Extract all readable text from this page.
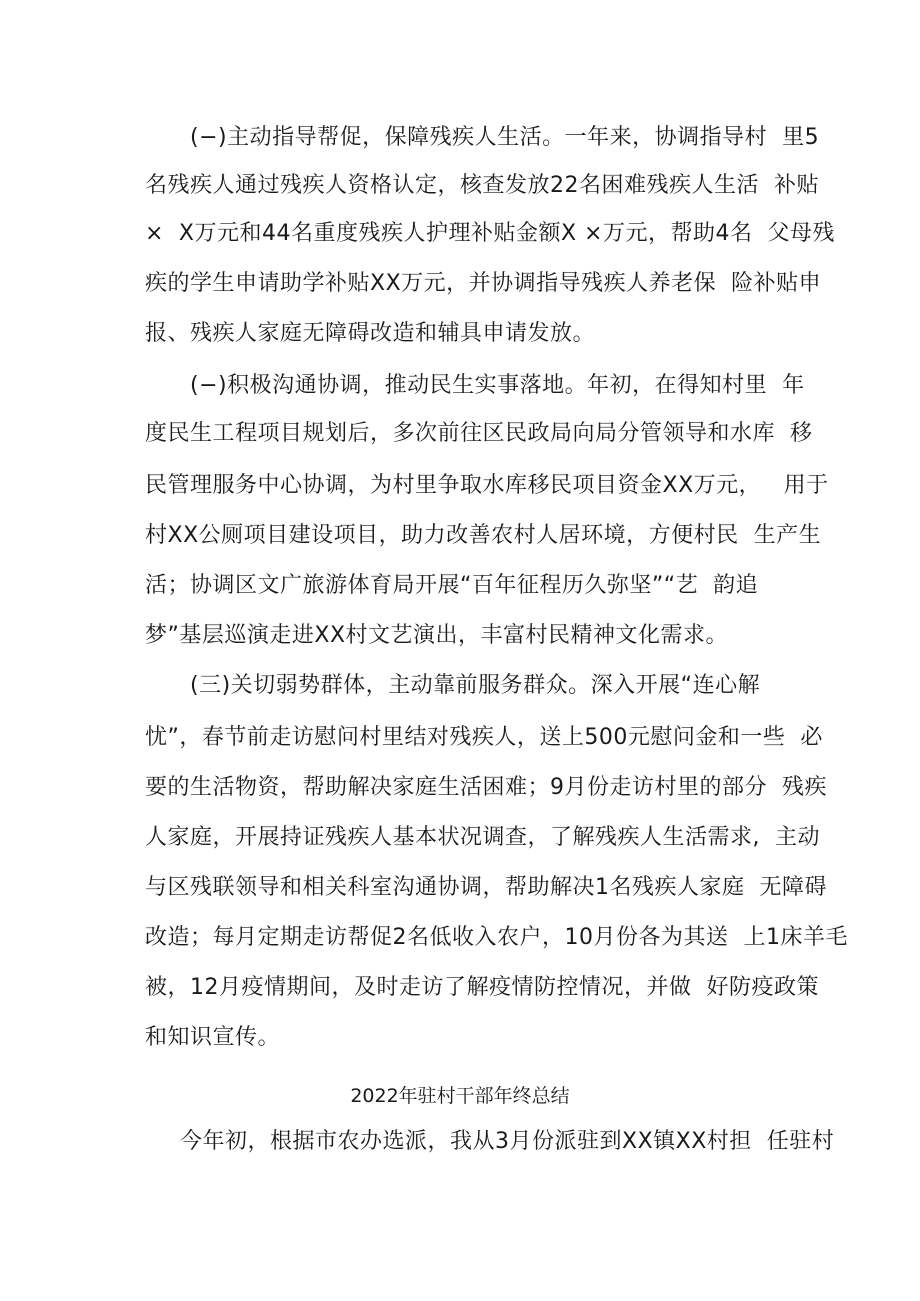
(−)主动指导帮促，保障残疾人生活。一年来，协调指导村  里5
名残疾人通过残疾人资格认定，核查发放22名困难残疾人生活  补贴
×  X万元和44名重度残疾人护理补贴金额X ×万元，帮助4名  父母残
疾的学生申请助学补贴XX万元，并协调指导残疾人养老保  险补贴申
报、残疾人家庭无障碍改造和辅具申请发放。
(−)积极沟通协调，推动民生实事落地。年初，在得知村里  年
度民生工程项目规划后，多次前往区民政局向局分管领导和水库  移
民管理服务中心协调，为村里争取水库移民项目资金XX万元，   用于
村XX公厕项目建设项目，助力改善农村人居环境，方便村民  生产生
活；协调区文广旅游体育局开展“百年征程历久弥坚”“艺  韵追
梦”基层巡演走进XX村文艺演出，丰富村民精神文化需求。
(三)关切弱势群体，主动靠前服务群众。深入开展“连心解
忧”，春节前走访慰问村里结对残疾人，送上500元慰问金和一些  必
要的生活物资，帮助解决家庭生活困难；9月份走访村里的部分  残疾
人家庭，开展持证残疾人基本状况调查，了解残疾人生活需求,  主动
与区残联领导和相关科室沟通协调，帮助解决1名残疾人家庭  无障碍
改造；每月定期走访帮促2名低收入农户，10月份各为其送  上1床羊毛
被，12月疫情期间，及时走访了解疫情防控情况，并做  好防疫政策
和知识宣传。
2022年驻村干部年终总结
今年初，根据市农办选派，我从3月份派驻到XX镇XX村担  任驻村
